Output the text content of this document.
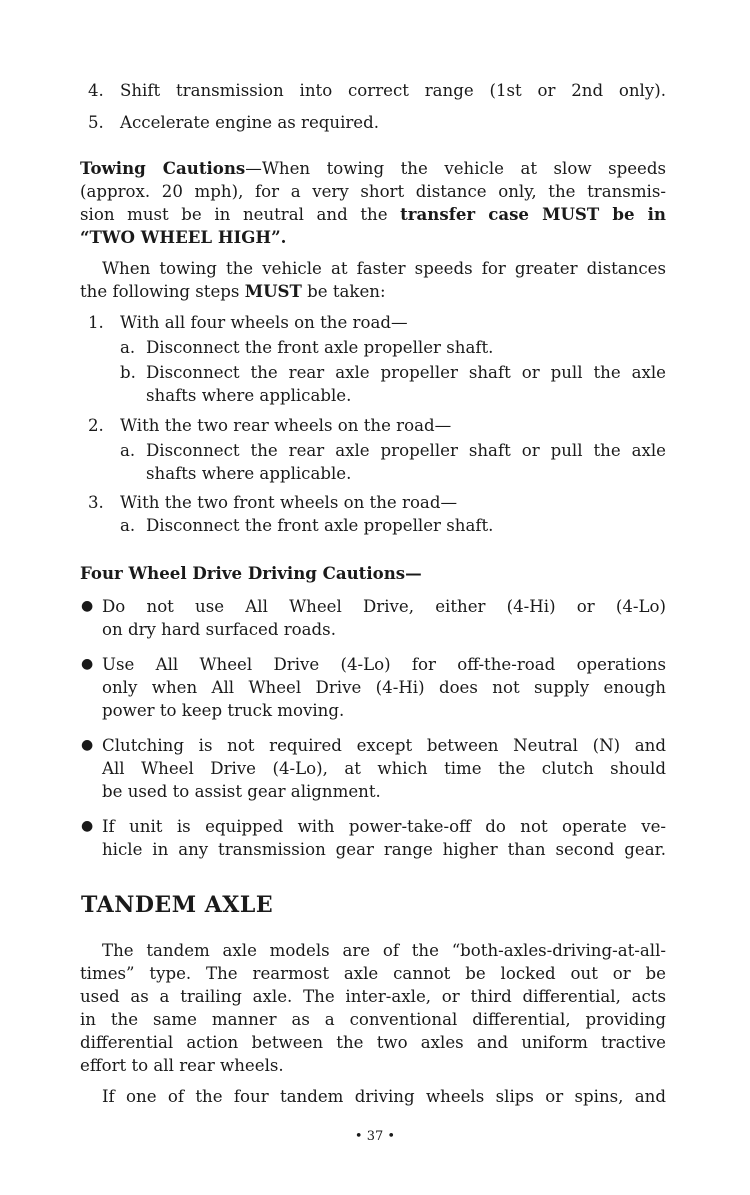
4. Shift transmission into correct range (1st or 2nd only).
5. Accelerate engine as required.
Towing Cautions—When towing the vehicle at slow speeds
(approx. 20 mph), for a very short distance only, the transmis-
sion must be in neutral and the transfer case MUST be in
“TWO WHEEL HIGH”.
When towing the vehicle at faster speeds for greater distances
the following steps MUST be taken:
1. With all four wheels on the road—
a. Disconnect the front axle propeller shaft.
b. Disconnect the rear axle propeller shaft or pull the axle
shafts where applicable.
2. With the two rear wheels on the road—
a. Disconnect the rear axle propeller shaft or pull the axle
shafts where applicable.
3. With the two front wheels on the road—
a. Disconnect the front axle propeller shaft.
Four Wheel Drive Driving Cautions—
● Do not use All Wheel Drive, either (4-Hi) or (4-Lo)
on dry hard surfaced roads.
● Use All Wheel Drive (4-Lo) for off-the-road operations
only when All Wheel Drive (4-Hi) does not supply enough
power to keep truck moving.
● Clutching is not required except between Neutral (N) and
All Wheel Drive (4-Lo), at which time the clutch should
be used to assist gear alignment.
● If unit is equipped with power-take-off do not operate ve-
hicle in any transmission gear range higher than second gear.
TANDEM AXLE
The tandem axle models are of the “both-axles-driving-at-all-
times” type. The rearmost axle cannot be locked out or be
used as a trailing axle. The inter-axle, or third differential, acts
in the same manner as a conventional differential, providing
differential action between the two axles and uniform tractive
effort to all rear wheels.
If one of the four tandem driving wheels slips or spins, and
• 37 •
